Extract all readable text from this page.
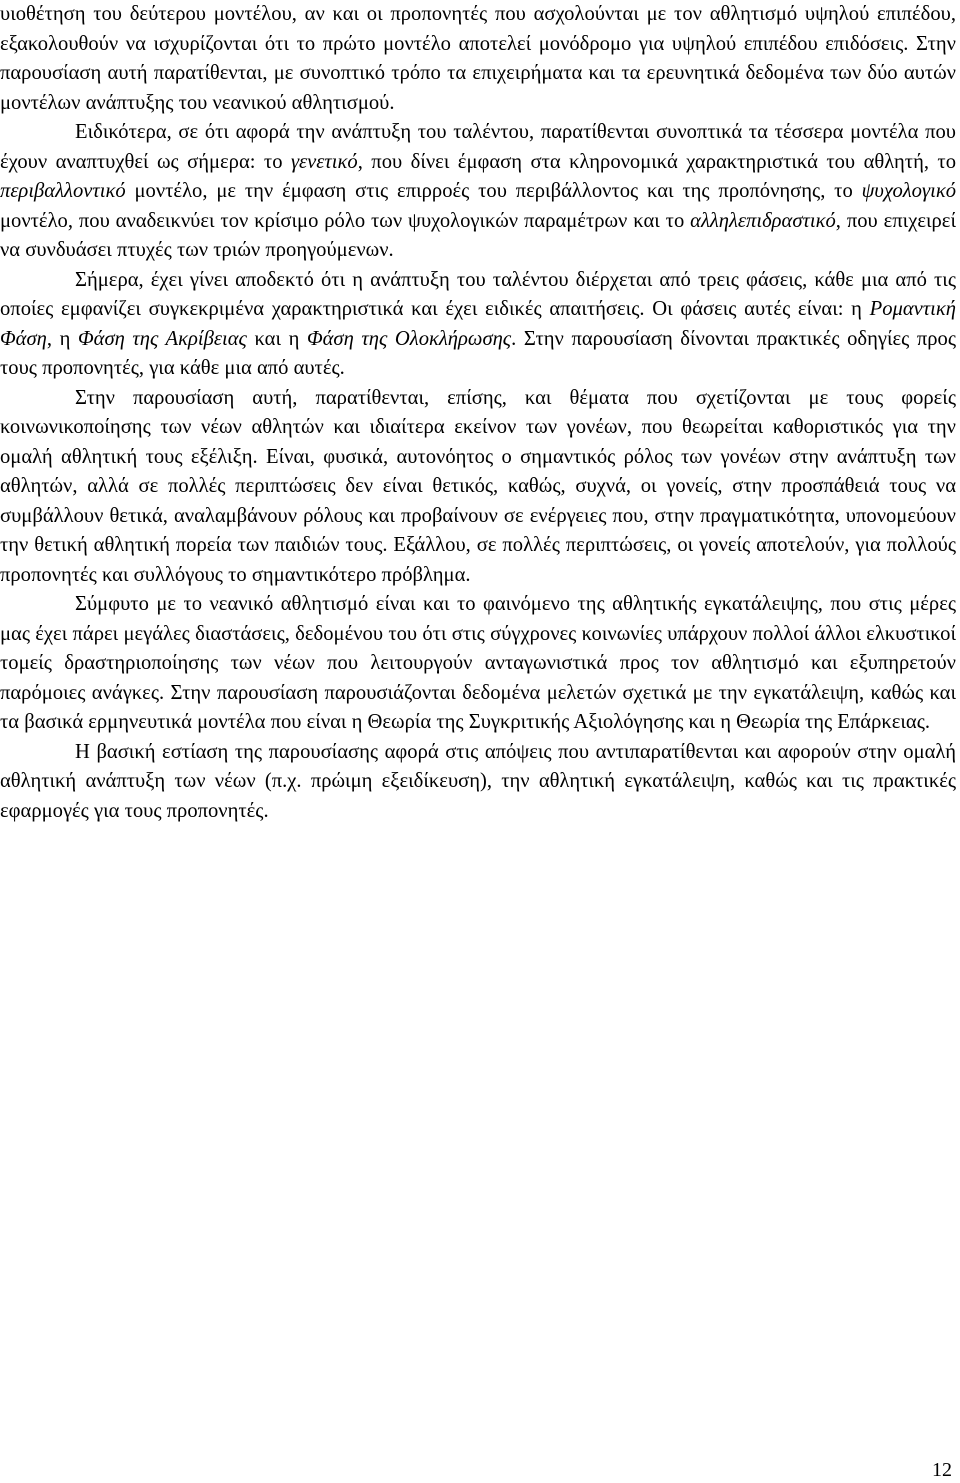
υιοθέτηση του δεύτερου μοντέλου, αν και οι προπονητές που ασχολούνται με τον αθλητισμό υψηλού επιπέδου, εξακολουθούν να ισχυρίζονται ότι το πρώτο μοντέλο αποτελεί μονόδρομο για υψηλού επιπέδου επιδόσεις. Στην παρουσίαση αυτή παρατίθενται, με συνοπτικό τρόπο τα επιχειρήματα και τα ερευνητικά δεδομένα των δύο αυτών μοντέλων ανάπτυξης του νεανικού αθλητισμού.

Ειδικότερα, σε ότι αφορά την ανάπτυξη του ταλέντου, παρατίθενται συνοπτικά τα τέσσερα μοντέλα που έχουν αναπτυχθεί ως σήμερα: το γενετικό, που δίνει έμφαση στα κληρονομικά χαρακτηριστικά του αθλητή, το περιβαλλοντικό μοντέλο, με την έμφαση στις επιρροές του περιβάλλοντος και της προπόνησης, το ψυχολογικό μοντέλο, που αναδεικνύει τον κρίσιμο ρόλο των ψυχολογικών παραμέτρων και το αλληλεπιδραστικό, που επιχειρεί να συνδυάσει πτυχές των τριών προηγούμενων.

Σήμερα, έχει γίνει αποδεκτό ότι η ανάπτυξη του ταλέντου διέρχεται από τρεις φάσεις, κάθε μια από τις οποίες εμφανίζει συγκεκριμένα χαρακτηριστικά και έχει ειδικές απαιτήσεις. Οι φάσεις αυτές είναι: η Ρομαντική Φάση, η Φάση της Ακρίβειας και η Φάση της Ολοκλήρωσης. Στην παρουσίαση δίνονται πρακτικές οδηγίες προς τους προπονητές, για κάθε μια από αυτές.

Στην παρουσίαση αυτή, παρατίθενται, επίσης, και θέματα που σχετίζονται με τους φορείς κοινωνικοποίησης των νέων αθλητών και ιδιαίτερα εκείνον των γονέων, που θεωρείται καθοριστικός για την ομαλή αθλητική τους εξέλιξη. Είναι, φυσικά, αυτονόητος ο σημαντικός ρόλος των γονέων στην ανάπτυξη των αθλητών, αλλά σε πολλές περιπτώσεις δεν είναι θετικός, καθώς, συχνά, οι γονείς, στην προσπάθειά τους να συμβάλλουν θετικά, αναλαμβάνουν ρόλους και προβαίνουν σε ενέργειες που, στην πραγματικότητα, υπονομεύουν την θετική αθλητική πορεία των παιδιών τους. Εξάλλου, σε πολλές περιπτώσεις, οι γονείς αποτελούν, για πολλούς προπονητές και συλλόγους το σημαντικότερο πρόβλημα.

Σύμφυτο με το νεανικό αθλητισμό είναι και το φαινόμενο της αθλητικής εγκατάλειψης, που στις μέρες μας έχει πάρει μεγάλες διαστάσεις, δεδομένου του ότι στις σύγχρονες κοινωνίες υπάρχουν πολλοί άλλοι ελκυστικοί τομείς δραστηριοποίησης των νέων που λειτουργούν ανταγωνιστικά προς τον αθλητισμό και εξυπηρετούν παρόμοιες ανάγκες. Στην παρουσίαση παρουσιάζονται δεδομένα μελετών σχετικά με την εγκατάλειψη, καθώς και τα βασικά ερμηνευτικά μοντέλα που είναι η Θεωρία της Συγκριτικής Αξιολόγησης και η Θεωρία της Επάρκειας.

Η βασική εστίαση της παρουσίασης αφορά στις απόψεις που αντιπαρατίθενται και αφορούν στην ομαλή αθλητική ανάπτυξη των νέων (π.χ. πρώιμη εξειδίκευση), την αθλητική εγκατάλειψη, καθώς και τις πρακτικές εφαρμογές για τους προπονητές.

12
